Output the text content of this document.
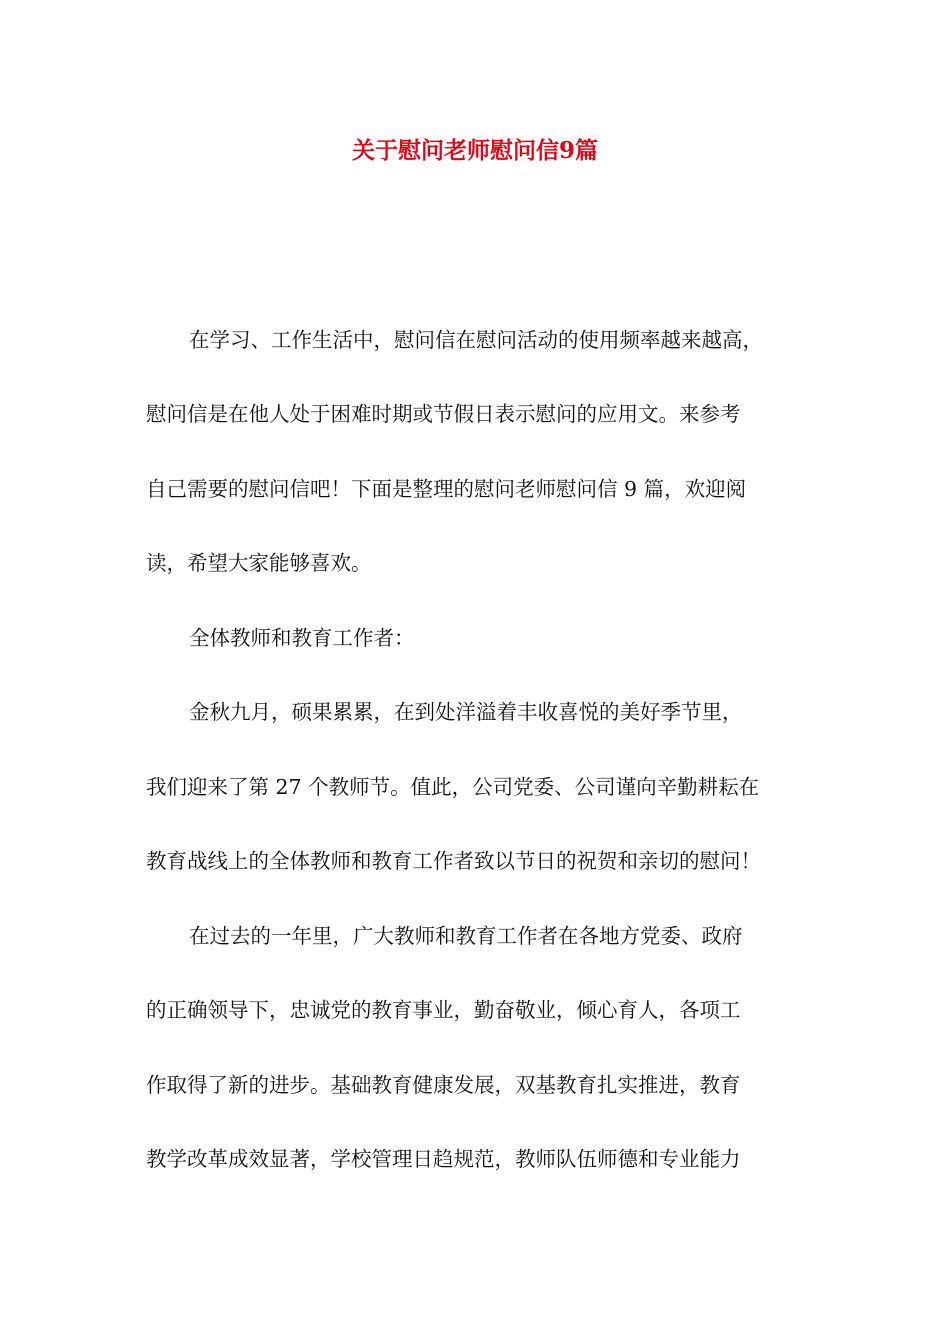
关于慰问老师慰问信9篇
在学习、工作生活中，慰问信在慰问活动的使用频率越来越高，
慰问信是在他人处于困难时期或节假日表示慰问的应用文。来参考
自己需要的慰问信吧！下面是整理的慰问老师慰问信 9 篇，欢迎阅
读，希望大家能够喜欢。
全体教师和教育工作者：
金秋九月，硕果累累，在到处洋溢着丰收喜悦的美好季节里，
我们迎来了第 27 个教师节。值此，公司党委、公司谨向辛勤耕耘在
教育战线上的全体教师和教育工作者致以节日的祝贺和亲切的慰问！
在过去的一年里，广大教师和教育工作者在各地方党委、政府
的正确领导下，忠诚党的教育事业，勤奋敬业，倾心育人，各项工
作取得了新的进步。基础教育健康发展，双基教育扎实推进，教育
教学改革成效显著，学校管理日趋规范，教师队伍师德和专业能力
